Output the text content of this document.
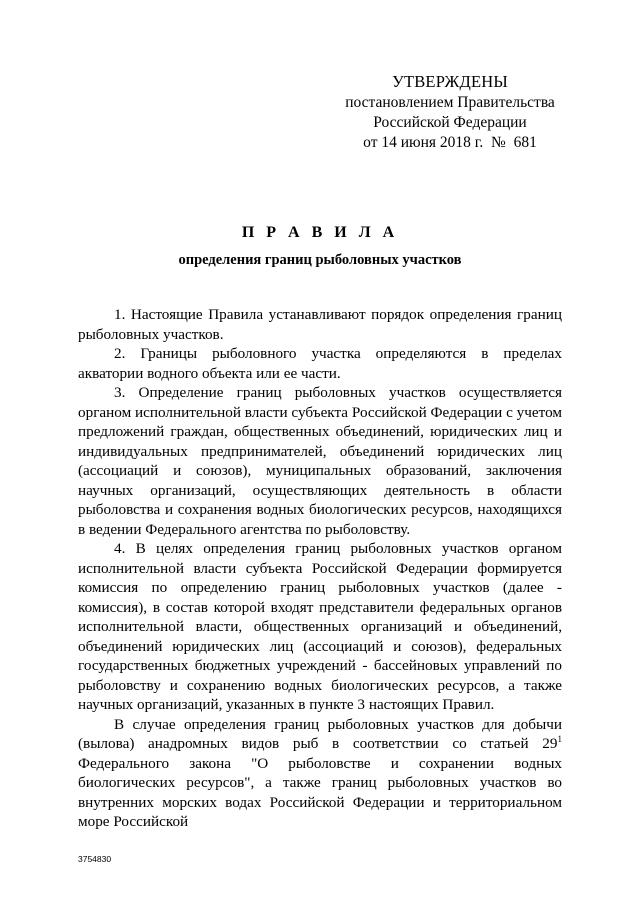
УТВЕРЖДЕНЫ
постановлением Правительства
Российской Федерации
от 14 июня 2018 г.  №  681
П Р А В И Л А
определения границ рыболовных участков

1. Настоящие Правила устанавливают порядок определения границ рыболовных участков.

2. Границы рыболовного участка определяются в пределах акватории водного объекта или ее части.

3. Определение границ рыболовных участков осуществляется органом исполнительной власти субъекта Российской Федерации с учетом предложений граждан, общественных объединений, юридических лиц и индивидуальных предпринимателей, объединений юридических лиц (ассоциаций и союзов), муниципальных образований, заключения научных организаций, осуществляющих деятельность в области рыболовства и сохранения водных биологических ресурсов, находящихся в ведении Федерального агентства по рыболовству.

4. В целях определения границ рыболовных участков органом исполнительной власти субъекта Российской Федерации формируется комиссия по определению границ рыболовных участков (далее - комиссия), в состав которой входят представители федеральных органов исполнительной власти, общественных организаций и объединений, объединений юридических лиц (ассоциаций и союзов), федеральных государственных бюджетных учреждений - бассейновых управлений по рыболовству и сохранению водных биологических ресурсов, а также научных организаций, указанных в пункте 3 настоящих Правил.

В случае определения границ рыболовных участков для добычи (вылова) анадромных видов рыб в соответствии со статьей $29^1$ Федерального закона "О рыболовстве и сохранении водных биологических ресурсов", а также границ рыболовных участков во внутренних морских водах Российской Федерации и территориальном море Российской

3754830
